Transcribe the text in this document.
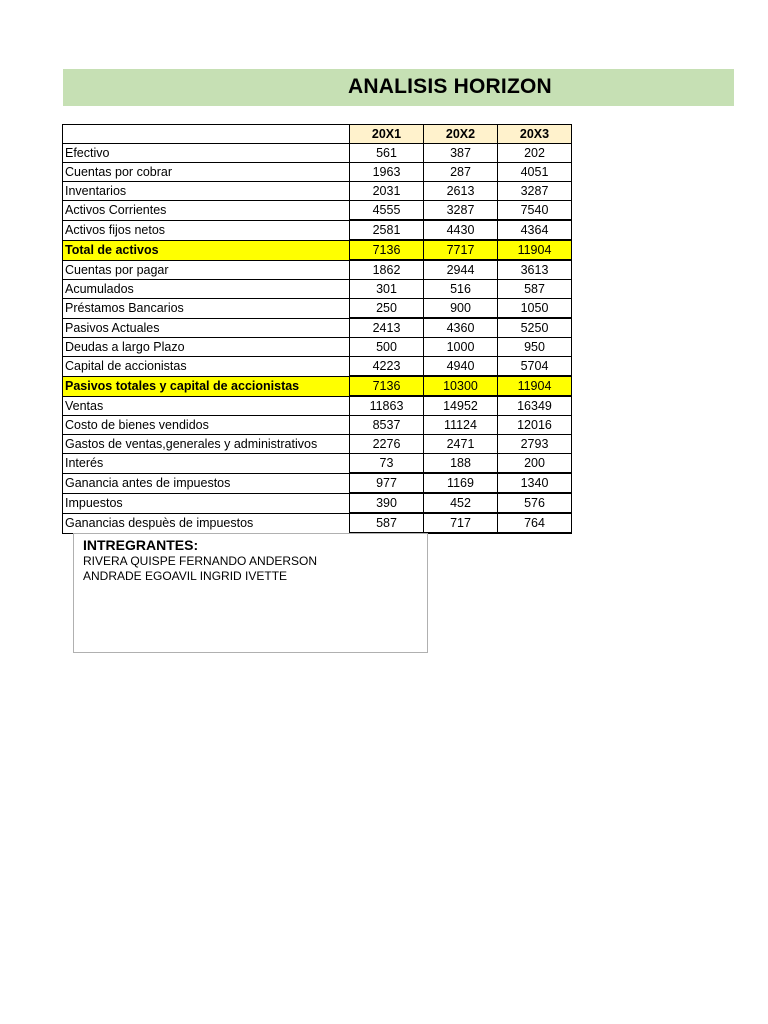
ANALISIS HORIZON
	20X1	20X2	20X3
Efectivo	561	387	202
Cuentas por cobrar	1963	287	4051
Inventarios	2031	2613	3287
Activos Corrientes	4555	3287	7540
Activos fijos netos	2581	4430	4364
Total de activos	7136	7717	11904
Cuentas por pagar	1862	2944	3613
Acumulados	301	516	587
Préstamos Bancarios	250	900	1050
Pasivos Actuales	2413	4360	5250
Deudas a largo Plazo	500	1000	950
Capital de accionistas	4223	4940	5704
Pasivos totales y capital de accionistas	7136	10300	11904
Ventas	11863	14952	16349
Costo de bienes vendidos	8537	11124	12016
Gastos de ventas,generales y administrativos	2276	2471	2793
Interés	73	188	200
Ganancia antes de impuestos	977	1169	1340
Impuestos	390	452	576
Ganancias despuès de impuestos	587	717	764
INTREGRANTES:
RIVERA QUISPE FERNANDO ANDERSON
ANDRADE EGOAVIL INGRID IVETTE
